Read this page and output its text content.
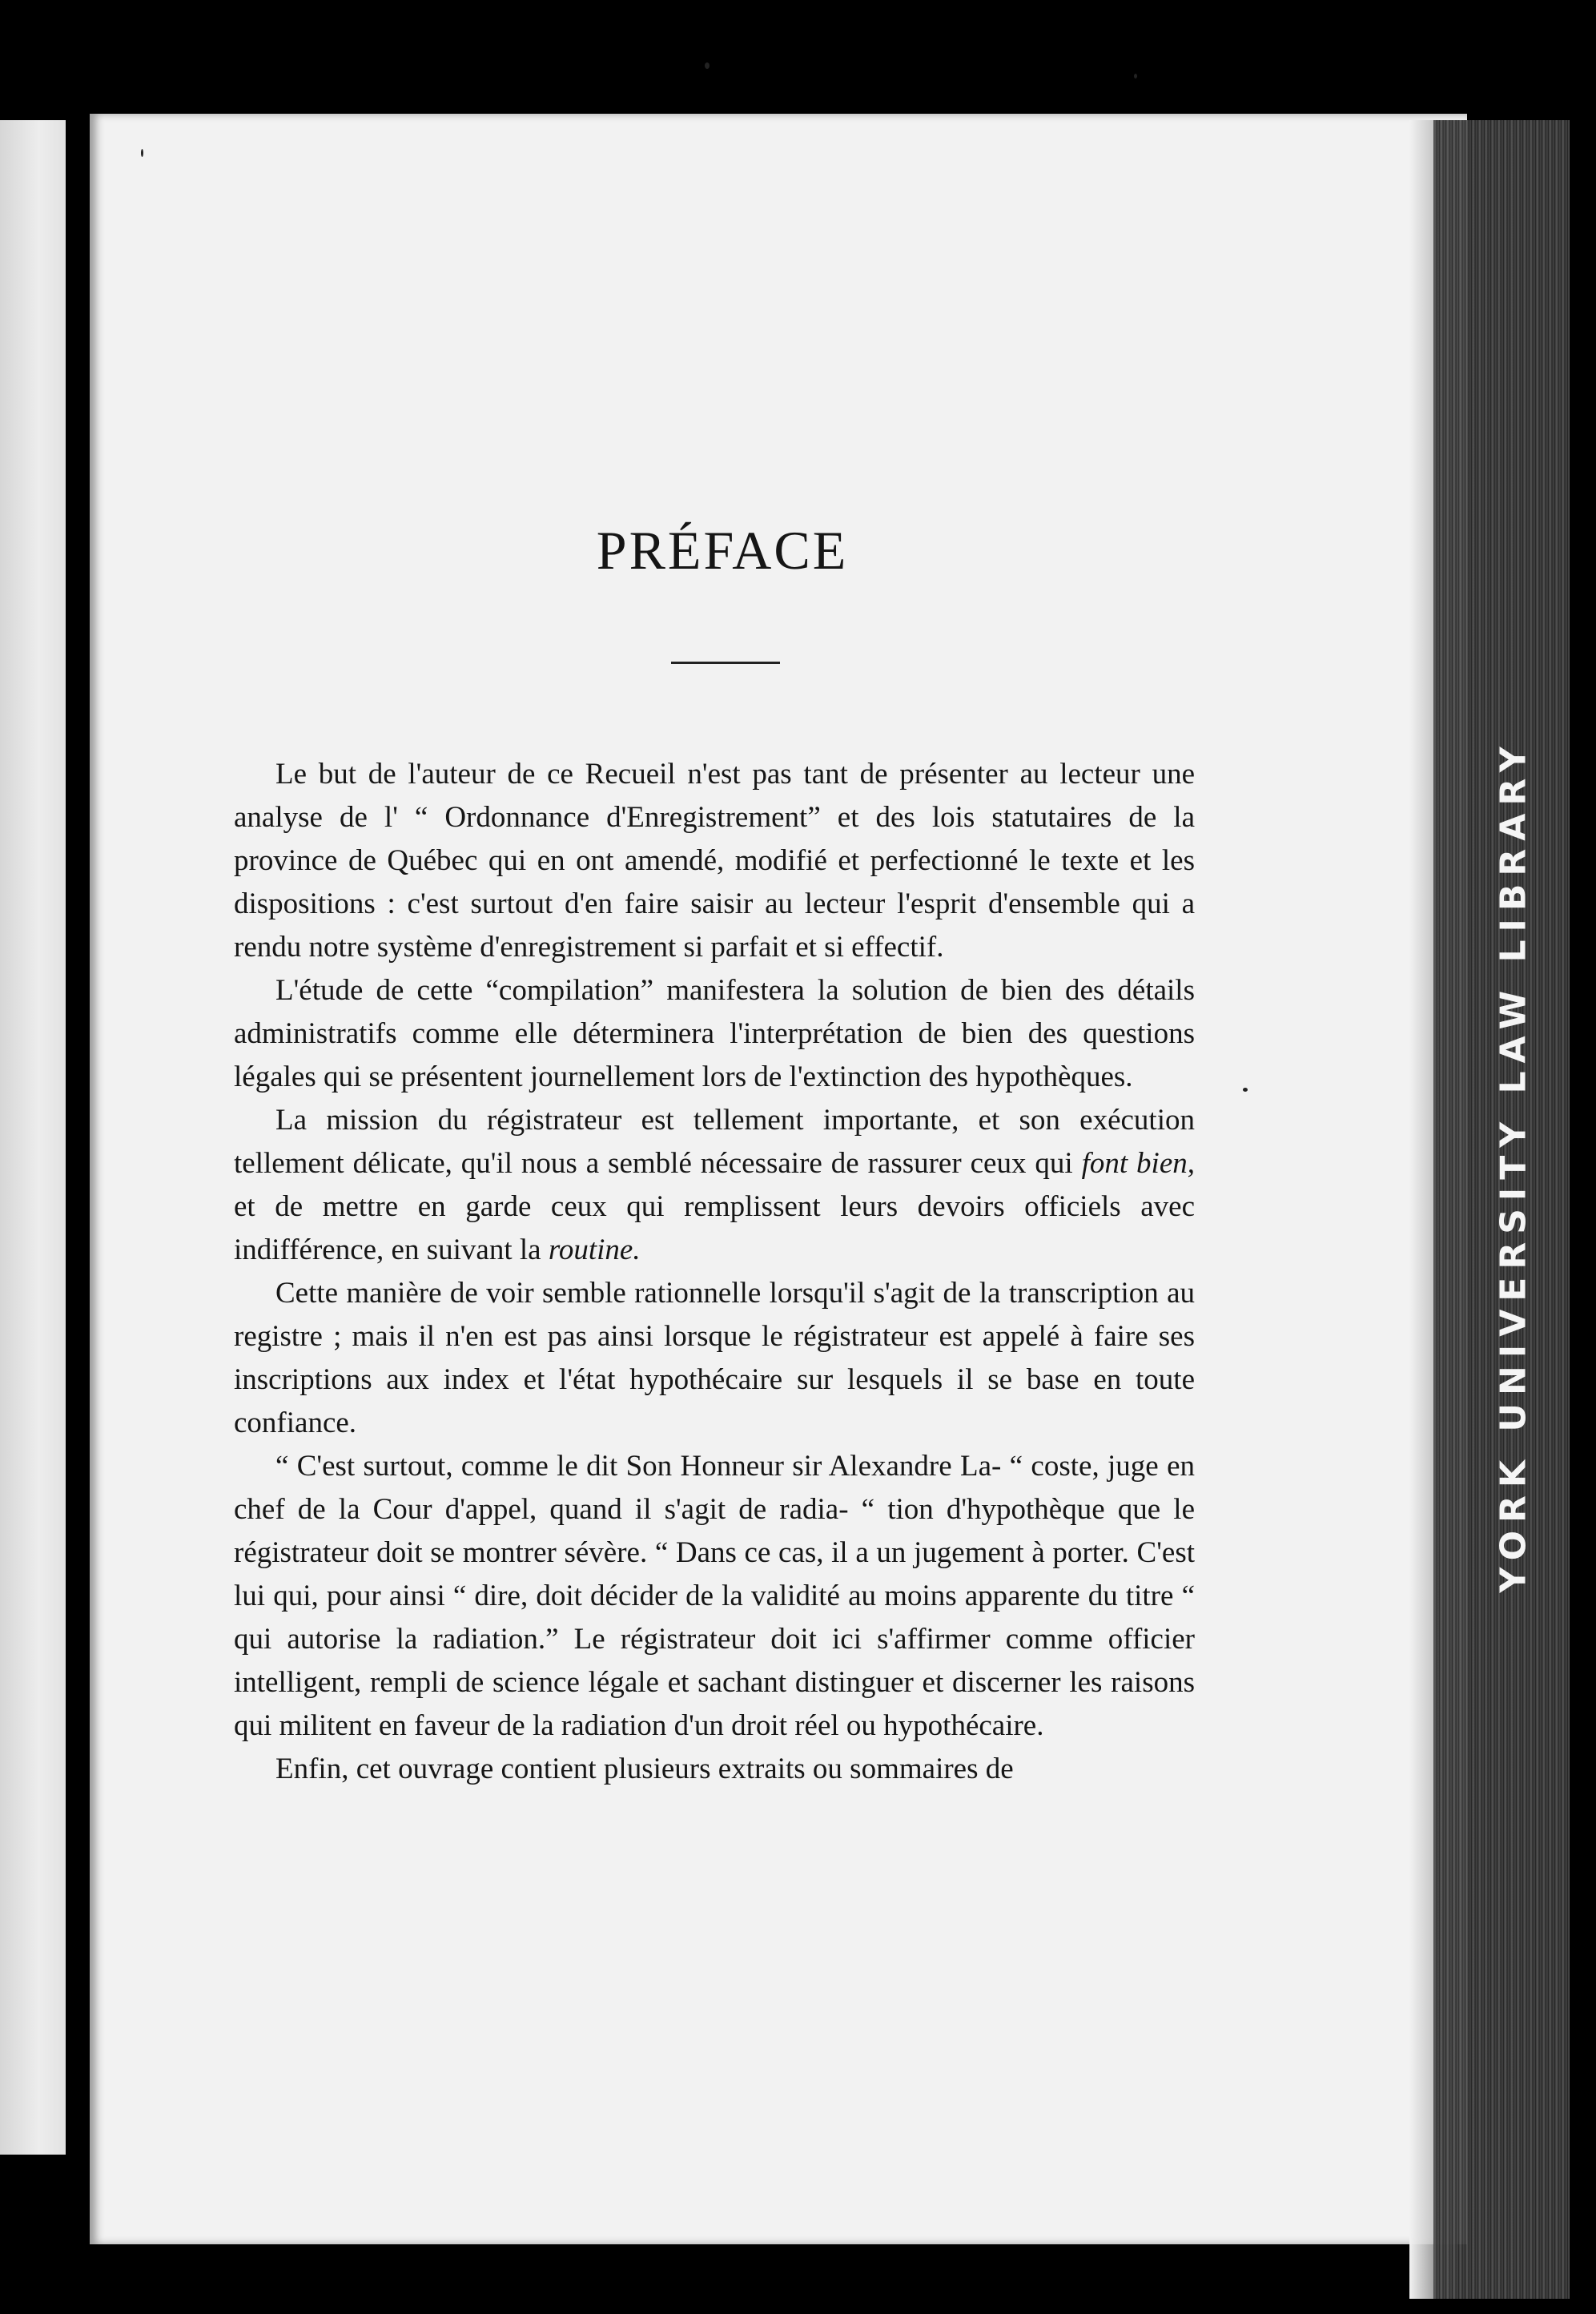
YORK UNIVERSITY LAW LIBRARY
PRÉFACE

Le but de l'auteur de ce Recueil n'est pas tant de présenter au lecteur une analyse de l' “ Ordonnance d'Enregistrement” et des lois statutaires de la province de Québec qui en ont amendé, modifié et perfectionné le texte et les dispositions : c'est surtout d'en faire saisir au lecteur l'esprit d'ensemble qui a rendu notre système d'enregistrement si parfait et si effectif.

L'étude de cette “compilation” manifestera la solution de bien des détails administratifs comme elle déterminera l'interprétation de bien des questions légales qui se présentent journellement lors de l'extinction des hypothèques.

La mission du régistrateur est tellement importante, et son exécution tellement délicate, qu'il nous a semblé nécessaire de rassurer ceux qui font bien, et de mettre en garde ceux qui remplissent leurs devoirs officiels avec indifférence, en suivant la routine.

Cette manière de voir semble rationnelle lorsqu'il s'agit de la transcription au registre ; mais il n'en est pas ainsi lorsque le régistrateur est appelé à faire ses inscriptions aux index et l'état hypothécaire sur lesquels il se base en toute confiance.

“ C'est surtout, comme le dit Son Honneur sir Alexandre La- “ coste, juge en chef de la Cour d'appel, quand il s'agit de radia- “ tion d'hypothèque que le régistrateur doit se montrer sévère. “ Dans ce cas, il a un jugement à porter. C'est lui qui, pour ainsi “ dire, doit décider de la validité au moins apparente du titre “ qui autorise la radiation.” Le régistrateur doit ici s'affirmer comme officier intelligent, rempli de science légale et sachant distinguer et discerner les raisons qui militent en faveur de la radiation d'un droit réel ou hypothécaire.

Enfin, cet ouvrage contient plusieurs extraits ou sommaires de
